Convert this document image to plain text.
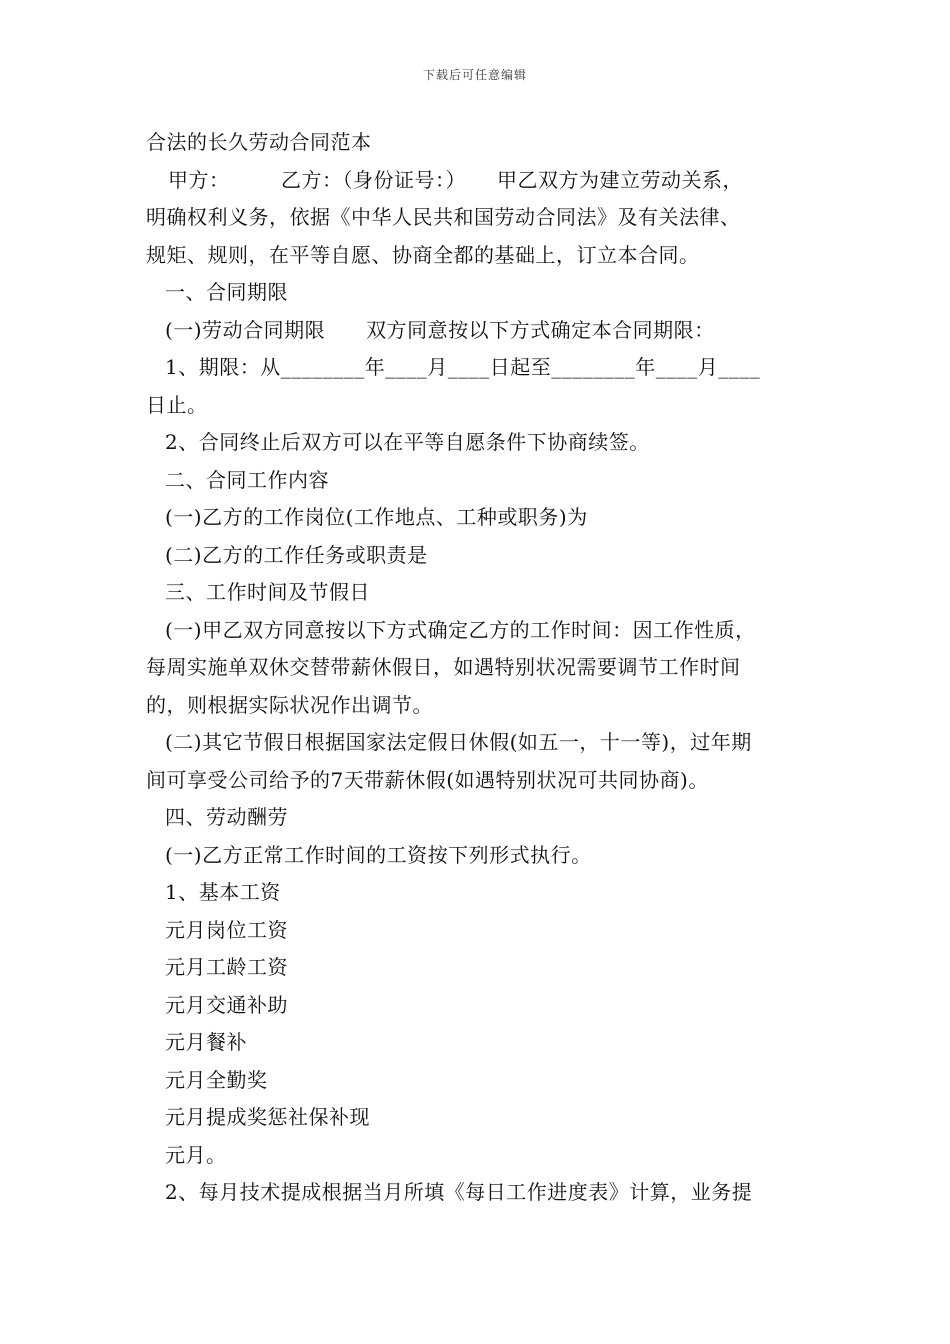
下载后可任意编辑
合法的长久劳动合同范本
甲方：　　　乙方：（身份证号：）　　甲乙双方为建立劳动关系，
明确权利义务，依据《中华人民共和国劳动合同法》及有关法律、
规矩、规则，在平等自愿、协商全都的基础上，订立本合同。
一、合同期限
(一)劳动合同期限　　双方同意按以下方式确定本合同期限：
1、期限：从________年____月____日起至________年____月____
日止。
2、合同终止后双方可以在平等自愿条件下协商续签。
二、合同工作内容
(一)乙方的工作岗位(工作地点、工种或职务)为
(二)乙方的工作任务或职责是
三、工作时间及节假日
(一)甲乙双方同意按以下方式确定乙方的工作时间：因工作性质，
每周实施单双休交替带薪休假日，如遇特别状况需要调节工作时间
的，则根据实际状况作出调节。
(二)其它节假日根据国家法定假日休假(如五一，十一等)，过年期
间可享受公司给予的7天带薪休假(如遇特别状况可共同协商)。
四、劳动酬劳
(一)乙方正常工作时间的工资按下列形式执行。
1、基本工资
元月岗位工资
元月工龄工资
元月交通补助
元月餐补
元月全勤奖
元月提成奖惩社保补现
元月。
2、每月技术提成根据当月所填《每日工作进度表》计算，业务提
